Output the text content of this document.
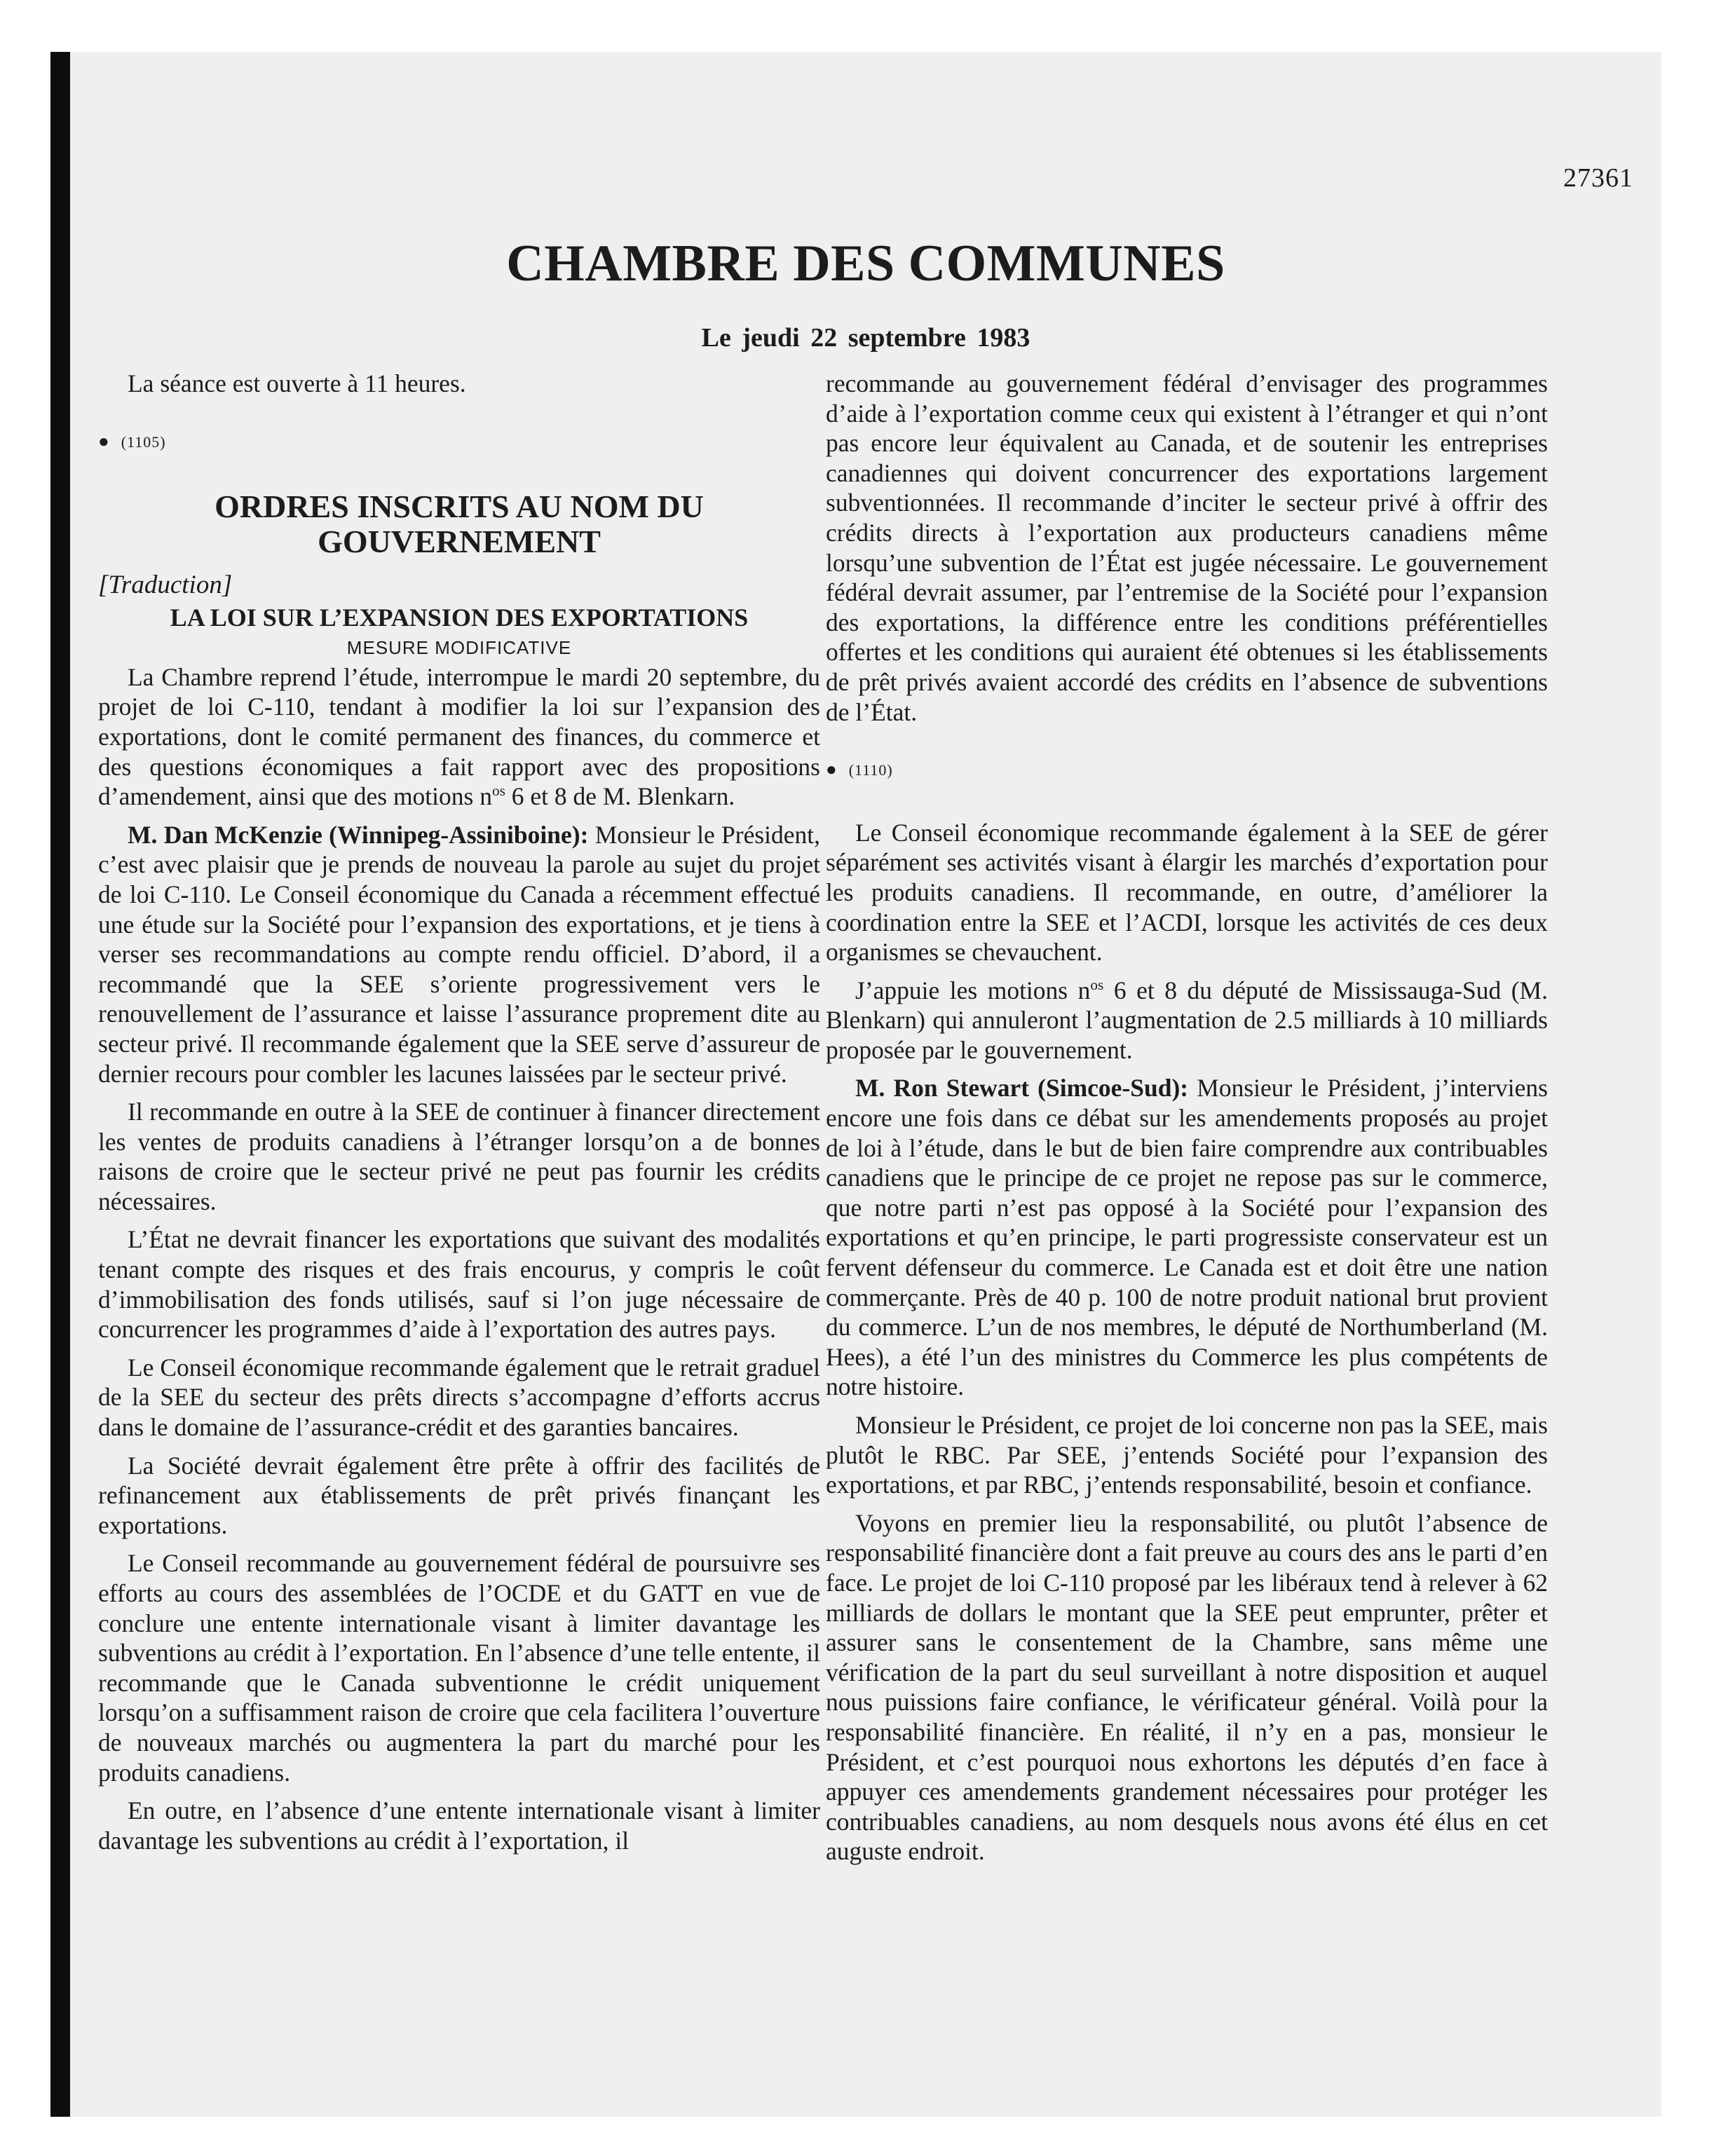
27361
CHAMBRE DES COMMUNES
Le jeudi 22 septembre 1983

La séance est ouverte à 11 heures.

● (1105)
ORDRES INSCRITS AU NOM DU GOUVERNEMENT
[Traduction]
LA LOI SUR L’EXPANSION DES EXPORTATIONS
MESURE MODIFICATIVE

La Chambre reprend l’étude, interrompue le mardi 20 septembre, du projet de loi C-110, tendant à modifier la loi sur l’expansion des exportations, dont le comité permanent des finances, du commerce et des questions économiques a fait rapport avec des propositions d’amendement, ainsi que des motions $n^{os}$ 6 et 8 de M. Blenkarn.

M. Dan McKenzie (Winnipeg-Assiniboine): Monsieur le Président, c’est avec plaisir que je prends de nouveau la parole au sujet du projet de loi C-110. Le Conseil économique du Canada a récemment effectué une étude sur la Société pour l’expansion des exportations, et je tiens à verser ses recommandations au compte rendu officiel. D’abord, il a recommandé que la SEE s’oriente progressivement vers le renouvellement de l’assurance et laisse l’assurance proprement dite au secteur privé. Il recommande également que la SEE serve d’assureur de dernier recours pour combler les lacunes laissées par le secteur privé.

Il recommande en outre à la SEE de continuer à financer directement les ventes de produits canadiens à l’étranger lorsqu’on a de bonnes raisons de croire que le secteur privé ne peut pas fournir les crédits nécessaires.

L’État ne devrait financer les exportations que suivant des modalités tenant compte des risques et des frais encourus, y compris le coût d’immobilisation des fonds utilisés, sauf si l’on juge nécessaire de concurrencer les programmes d’aide à l’exportation des autres pays.

Le Conseil économique recommande également que le retrait graduel de la SEE du secteur des prêts directs s’accompagne d’efforts accrus dans le domaine de l’assurance-crédit et des garanties bancaires.

La Société devrait également être prête à offrir des facilités de refinancement aux établissements de prêt privés finançant les exportations.

Le Conseil recommande au gouvernement fédéral de poursuivre ses efforts au cours des assemblées de l’OCDE et du GATT en vue de conclure une entente internationale visant à limiter davantage les subventions au crédit à l’exportation. En l’absence d’une telle entente, il recommande que le Canada subventionne le crédit uniquement lorsqu’on a suffisamment raison de croire que cela facilitera l’ouverture de nouveaux marchés ou augmentera la part du marché pour les produits canadiens.

En outre, en l’absence d’une entente internationale visant à limiter davantage les subventions au crédit à l’exportation, il

recommande au gouvernement fédéral d’envisager des programmes d’aide à l’exportation comme ceux qui existent à l’étranger et qui n’ont pas encore leur équivalent au Canada, et de soutenir les entreprises canadiennes qui doivent concurrencer des exportations largement subventionnées. Il recommande d’inciter le secteur privé à offrir des crédits directs à l’exportation aux producteurs canadiens même lorsqu’une subvention de l’État est jugée nécessaire. Le gouvernement fédéral devrait assumer, par l’entremise de la Société pour l’expansion des exportations, la différence entre les conditions préférentielles offertes et les conditions qui auraient été obtenues si les établissements de prêt privés avaient accordé des crédits en l’absence de subventions de l’État.

● (1110)

Le Conseil économique recommande également à la SEE de gérer séparément ses activités visant à élargir les marchés d’exportation pour les produits canadiens. Il recommande, en outre, d’améliorer la coordination entre la SEE et l’ACDI, lorsque les activités de ces deux organismes se chevauchent.

J’appuie les motions $n^{os}$ 6 et 8 du député de Mississauga-Sud (M. Blenkarn) qui annuleront l’augmentation de 2.5 milliards à 10 milliards proposée par le gouvernement.

M. Ron Stewart (Simcoe-Sud): Monsieur le Président, j’interviens encore une fois dans ce débat sur les amendements proposés au projet de loi à l’étude, dans le but de bien faire comprendre aux contribuables canadiens que le principe de ce projet ne repose pas sur le commerce, que notre parti n’est pas opposé à la Société pour l’expansion des exportations et qu’en principe, le parti progressiste conservateur est un fervent défenseur du commerce. Le Canada est et doit être une nation commerçante. Près de 40 p. 100 de notre produit national brut provient du commerce. L’un de nos membres, le député de Northumberland (M. Hees), a été l’un des ministres du Commerce les plus compétents de notre histoire.

Monsieur le Président, ce projet de loi concerne non pas la SEE, mais plutôt le RBC. Par SEE, j’entends Société pour l’expansion des exportations, et par RBC, j’entends responsabilité, besoin et confiance.

Voyons en premier lieu la responsabilité, ou plutôt l’absence de responsabilité financière dont a fait preuve au cours des ans le parti d’en face. Le projet de loi C-110 proposé par les libéraux tend à relever à 62 milliards de dollars le montant que la SEE peut emprunter, prêter et assurer sans le consentement de la Chambre, sans même une vérification de la part du seul surveillant à notre disposition et auquel nous puissions faire confiance, le vérificateur général. Voilà pour la responsabilité financière. En réalité, il n’y en a pas, monsieur le Président, et c’est pourquoi nous exhortons les députés d’en face à appuyer ces amendements grandement nécessaires pour protéger les contribuables canadiens, au nom desquels nous avons été élus en cet auguste endroit.
